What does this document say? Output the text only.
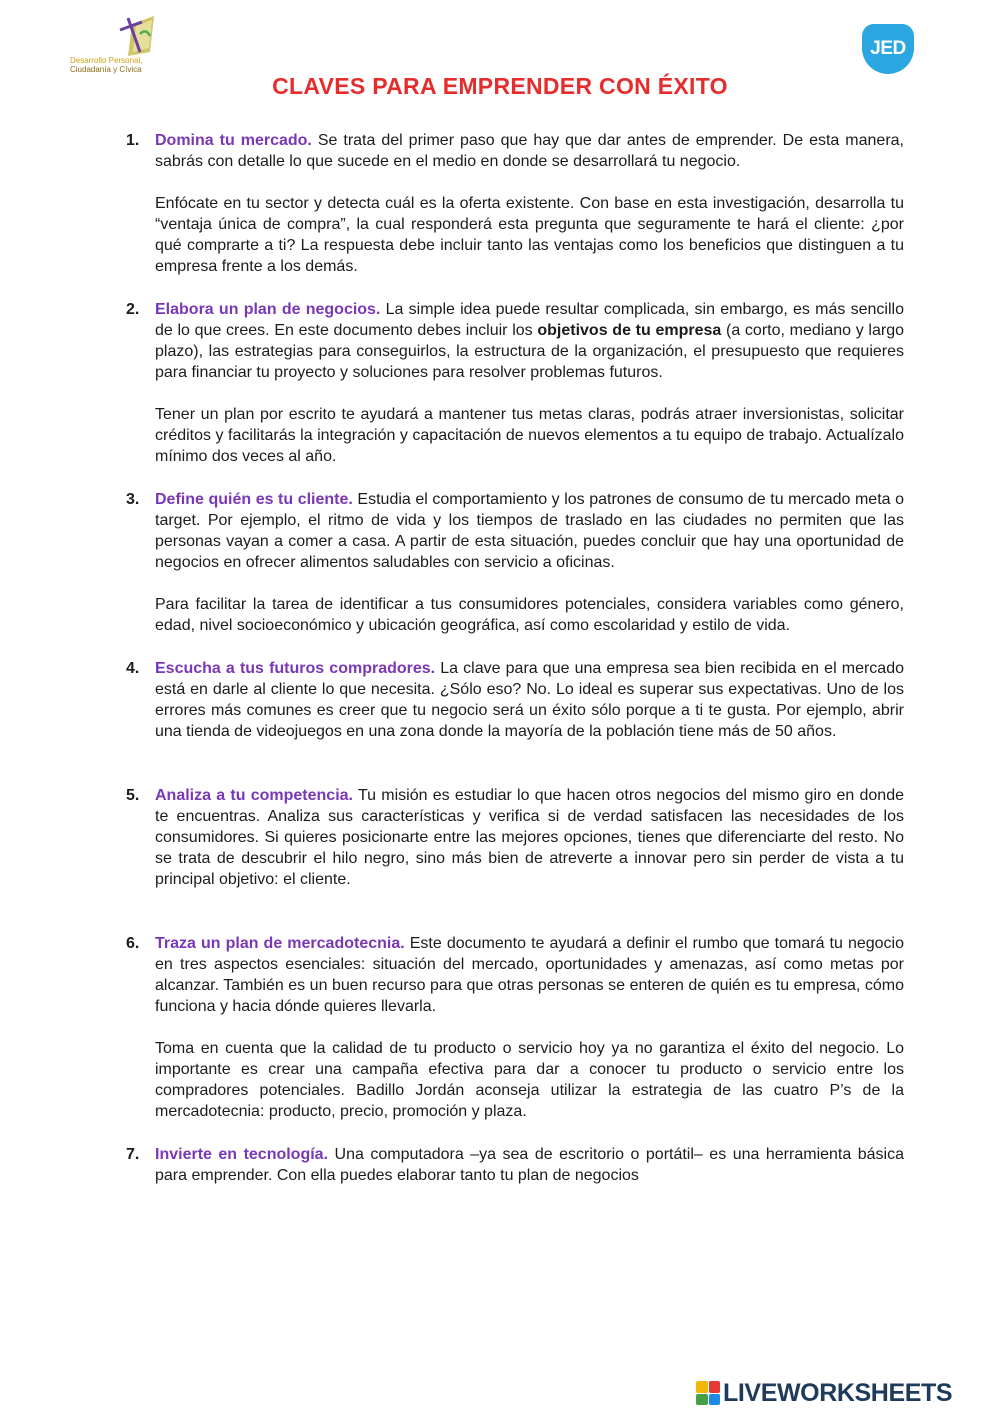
Desarrollo Personal,
Ciudadanía y Cívica
JED
CLAVES PARA EMPRENDER CON ÉXITO
1. Domina tu mercado. Se trata del primer paso que hay que dar antes de emprender. De esta manera, sabrás con detalle lo que sucede en el medio en donde se desarrollará tu negocio.

Enfócate en tu sector y detecta cuál es la oferta existente. Con base en esta investigación, desarrolla tu “ventaja única de compra”, la cual responderá esta pregunta que seguramente te hará el cliente: ¿por qué comprarte a ti? La respuesta debe incluir tanto las ventajas como los beneficios que distinguen a tu empresa frente a los demás.

2. Elabora un plan de negocios. La simple idea puede resultar complicada, sin embargo, es más sencillo de lo que crees. En este documento debes incluir los objetivos de tu empresa (a corto, mediano y largo plazo), las estrategias para conseguirlos, la estructura de la organización, el presupuesto que requieres para financiar tu proyecto y soluciones para resolver problemas futuros.

Tener un plan por escrito te ayudará a mantener tus metas claras, podrás atraer inversionistas, solicitar créditos y facilitarás la integración y capacitación de nuevos elementos a tu equipo de trabajo. Actualízalo mínimo dos veces al año.

3. Define quién es tu cliente. Estudia el comportamiento y los patrones de consumo de tu mercado meta o target. Por ejemplo, el ritmo de vida y los tiempos de traslado en las ciudades no permiten que las personas vayan a comer a casa. A partir de esta situación, puedes concluir que hay una oportunidad de negocios en ofrecer alimentos saludables con servicio a oficinas.

Para facilitar la tarea de identificar a tus consumidores potenciales, considera variables como género, edad, nivel socioeconómico y ubicación geográfica, así como escolaridad y estilo de vida.

4. Escucha a tus futuros compradores. La clave para que una empresa sea bien recibida en el mercado está en darle al cliente lo que necesita. ¿Sólo eso? No. Lo ideal es superar sus expectativas. Uno de los errores más comunes es creer que tu negocio será un éxito sólo porque a ti te gusta. Por ejemplo, abrir una tienda de videojuegos en una zona donde la mayoría de la población tiene más de 50 años.

5. Analiza a tu competencia. Tu misión es estudiar lo que hacen otros negocios del mismo giro en donde te encuentras. Analiza sus características y verifica si de verdad satisfacen las necesidades de los consumidores. Si quieres posicionarte entre las mejores opciones, tienes que diferenciarte del resto. No se trata de descubrir el hilo negro, sino más bien de atreverte a innovar pero sin perder de vista a tu principal objetivo: el cliente.

6. Traza un plan de mercadotecnia. Este documento te ayudará a definir el rumbo que tomará tu negocio en tres aspectos esenciales: situación del mercado, oportunidades y amenazas, así como metas por alcanzar. También es un buen recurso para que otras personas se enteren de quién es tu empresa, cómo funciona y hacia dónde quieres llevarla.

Toma en cuenta que la calidad de tu producto o servicio hoy ya no garantiza el éxito del negocio. Lo importante es crear una campaña efectiva para dar a conocer tu producto o servicio entre los compradores potenciales. Badillo Jordán aconseja utilizar la estrategia de las cuatro P’s de la mercadotecnia: producto, precio, promoción y plaza.

7. Invierte en tecnología. Una computadora –ya sea de escritorio o portátil– es una herramienta básica para emprender. Con ella puedes elaborar tanto tu plan de negocios

LIVEWORKSHEETS
